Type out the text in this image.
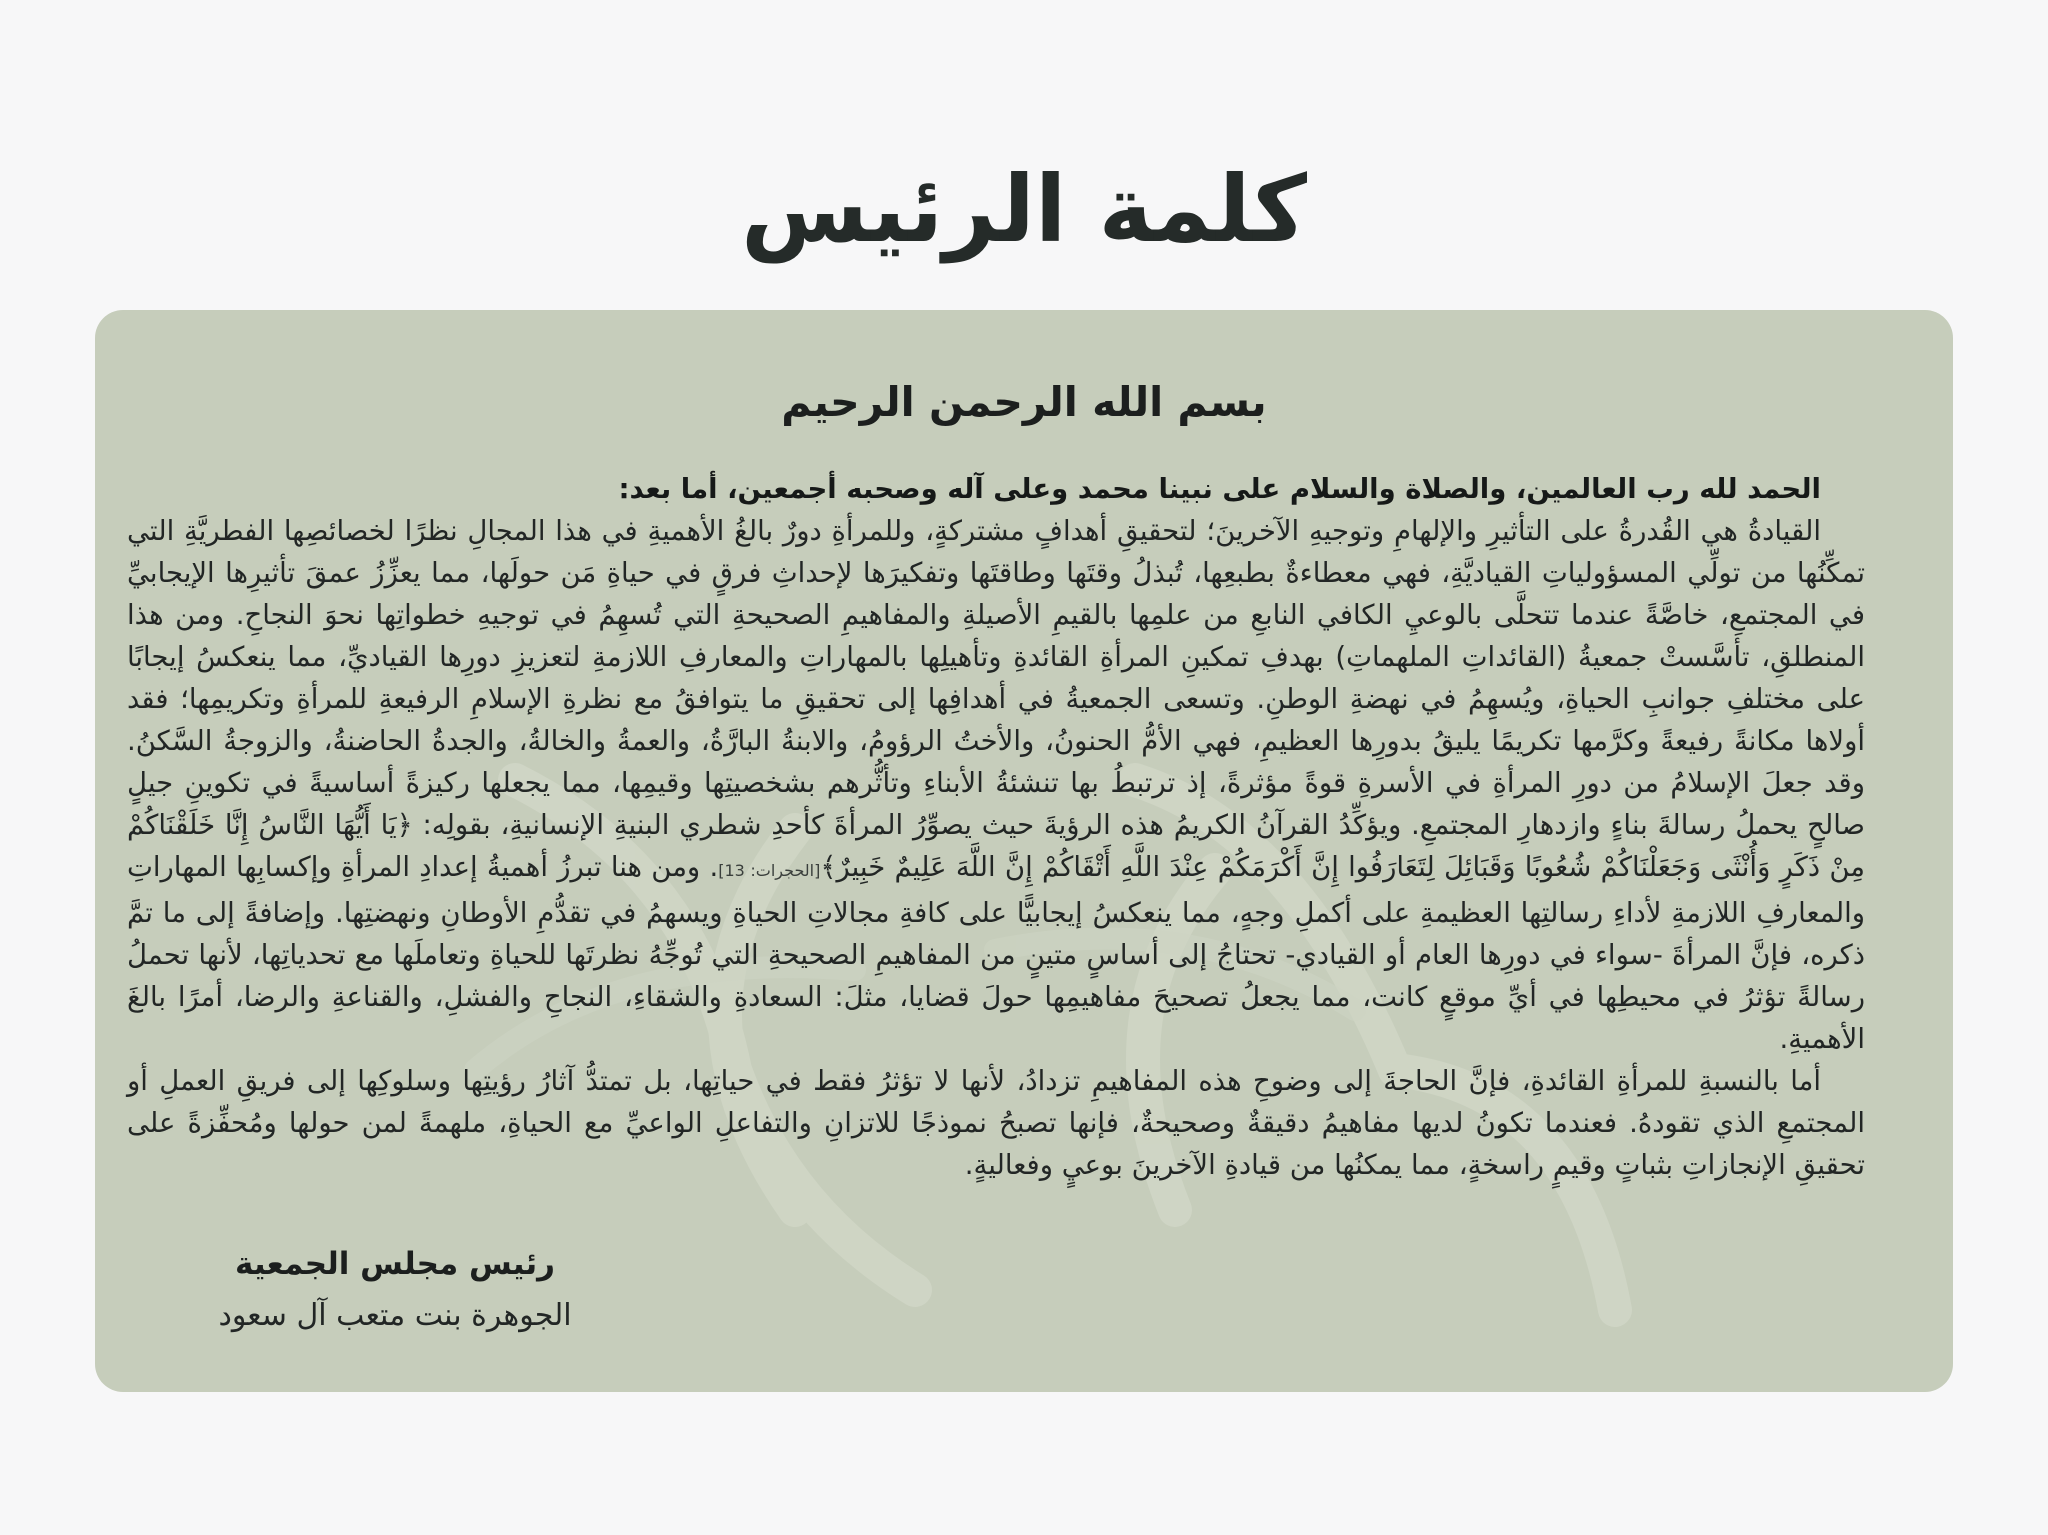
كلمة الرئيس
بسم الله الرحمن الرحيم

الحمد لله رب العالمين، والصلاة والسلام على نبينا محمد وعلى آله وصحبه أجمعين، أما بعد:

القيادةُ هي القُدرةُ على التأثيرِ والإلهامِ وتوجيهِ الآخرينَ؛ لتحقيقِ أهدافٍ مشتركةٍ، وللمرأةِ دورٌ بالغُ الأهميةِ في هذا المجالِ نظرًا لخصائصِها الفطريَّةِ التي تمكِّنُها من تولِّي المسؤولياتِ القياديَّةِ، فهي معطاءةٌ بطبعِها، تُبذلُ وقتَها وطاقتَها وتفكيرَها لإحداثِ فرقٍ في حياةِ مَن حولَها، مما يعزِّزُ عمقَ تأثيرِها الإيجابيِّ في المجتمعِ، خاصَّةً عندما تتحلَّى بالوعيِ الكافي النابعِ من علمِها بالقيمِ الأصيلةِ والمفاهيمِ الصحيحةِ التي تُسهِمُ في توجيهِ خطواتِها نحوَ النجاحِ. ومن هذا المنطلقِ، تأسَّستْ جمعيةُ (القائداتِ الملهماتِ) بهدفِ تمكينِ المرأةِ القائدةِ وتأهيلِها بالمهاراتِ والمعارفِ اللازمةِ لتعزيزِ دورِها القياديِّ، مما ينعكسُ إيجابًا على مختلفِ جوانبِ الحياةِ، ويُسهِمُ في نهضةِ الوطنِ. وتسعى الجمعيةُ في أهدافِها إلى تحقيقِ ما يتوافقُ مع نظرةِ الإسلامِ الرفيعةِ للمرأةِ وتكريمِها؛ فقد أولاها مكانةً رفيعةً وكرَّمها تكريمًا يليقُ بدورِها العظيمِ، فهي الأمُّ الحنونُ، والأختُ الرؤومُ، والابنةُ البارَّةُ، والعمةُ والخالةُ، والجدةُ الحاضنةُ، والزوجةُ السَّكنُ. وقد جعلَ الإسلامُ من دورِ المرأةِ في الأسرةِ قوةً مؤثرةً، إذ ترتبطُ بها تنشئةُ الأبناءِ وتأثُّرهم بشخصيتِها وقيمِها، مما يجعلها ركيزةً أساسيةً في تكوينِ جيلٍ صالحٍ يحملُ رسالةَ بناءٍ وازدهارِ المجتمعِ. ويؤكِّدُ القرآنُ الكريمُ هذه الرؤيةَ حيث يصوِّرُ المرأةَ كأحدِ شطري البنيةِ الإنسانيةِ، بقولِه: ﴿يَا أَيُّهَا النَّاسُ إِنَّا خَلَقْنَاكُمْ مِنْ ذَكَرٍ وَأُنْثَى وَجَعَلْنَاكُمْ شُعُوبًا وَقَبَائِلَ لِتَعَارَفُوا إِنَّ أَكْرَمَكُمْ عِنْدَ اللَّهِ أَتْقَاكُمْ إِنَّ اللَّهَ عَلِيمٌ خَبِيرٌ﴾[الحجرات: 13]. ومن هنا تبرزُ أهميةُ إعدادِ المرأةِ وإكسابِها المهاراتِ والمعارفِ اللازمةِ لأداءِ رسالتِها العظيمةِ على أكملِ وجهٍ، مما ينعكسُ إيجابيًّا على كافةِ مجالاتِ الحياةِ ويسهمُ في تقدُّمِ الأوطانِ ونهضتِها. وإضافةً إلى ما تمَّ ذكره، فإنَّ المرأةَ -سواء في دورِها العام أو القيادي- تحتاجُ إلى أساسٍ متينٍ من المفاهيمِ الصحيحةِ التي تُوجِّهُ نظرتَها للحياةِ وتعاملَها مع تحدياتِها، لأنها تحملُ رسالةً تؤثرُ في محيطِها في أيِّ موقعٍ كانت، مما يجعلُ تصحيحَ مفاهيمِها حولَ قضايا، مثلَ: السعادةِ والشقاءِ، النجاحِ والفشلِ، والقناعةِ والرضا، أمرًا بالغَ الأهميةِ.

أما بالنسبةِ للمرأةِ القائدةِ، فإنَّ الحاجةَ إلى وضوحِ هذه المفاهيمِ تزدادُ، لأنها لا تؤثرُ فقط في حياتِها، بل تمتدُّ آثارُ رؤيتِها وسلوكِها إلى فريقِ العملِ أو المجتمعِ الذي تقودهُ. فعندما تكونُ لديها مفاهيمُ دقيقةٌ وصحيحةٌ، فإنها تصبحُ نموذجًا للاتزانِ والتفاعلِ الواعيِّ مع الحياةِ، ملهمةً لمن حولها ومُحفِّزةً على تحقيقِ الإنجازاتِ بثباتٍ وقيمٍ راسخةٍ، مما يمكنُها من قيادةِ الآخرينَ بوعيٍ وفعاليةٍ.

رئيس مجلس الجمعية

الجوهرة بنت متعب آل سعود
